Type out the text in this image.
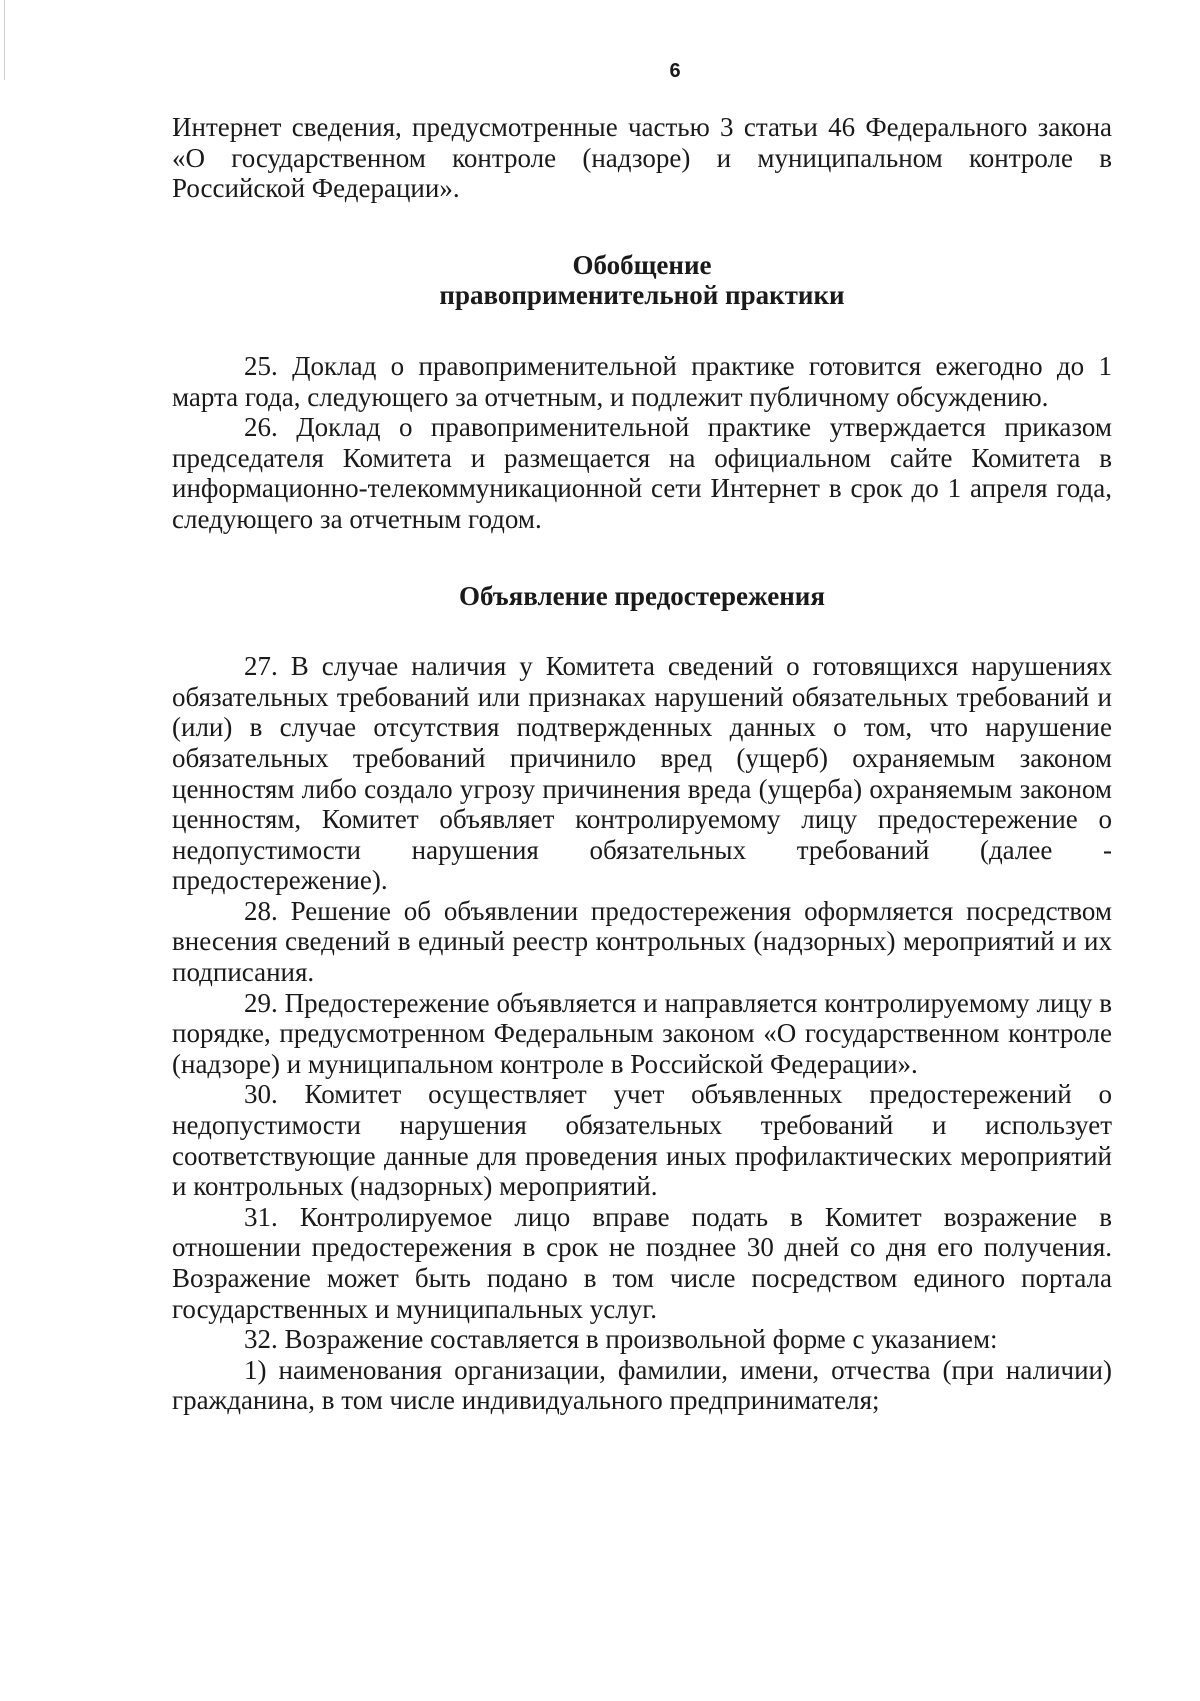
6

Интернет сведения, предусмотренные частью 3 статьи 46 Федерального закона «О государственном контроле (надзоре) и муниципальном контроле в Российской Федерации».

Обобщение

правоприменительной практики

25. Доклад о правоприменительной практике готовится ежегодно до 1 марта года, следующего за отчетным, и подлежит публичному обсуждению.

26. Доклад о правоприменительной практике утверждается приказом председателя Комитета и размещается на официальном сайте Комитета в информационно-телекоммуникационной сети Интернет в срок до 1 апреля года, следующего за отчетным годом.

Объявление предостережения

27. В случае наличия у Комитета сведений о готовящихся нарушениях обязательных требований или признаках нарушений обязательных требований и (или) в случае отсутствия подтвержденных данных о том, что нарушение обязательных требований причинило вред (ущерб) охраняемым законом ценностям либо создало угрозу причинения вреда (ущерба) охраняемым законом ценностям, Комитет объявляет контролируемому лицу предостережение о недопустимости нарушения обязательных требований (далее - предостережение).

28. Решение об объявлении предостережения оформляется посредством внесения сведений в единый реестр контрольных (надзорных) мероприятий и их подписания.

29. Предостережение объявляется и направляется контролируемому лицу в порядке, предусмотренном Федеральным законом «О государственном контроле (надзоре) и муниципальном контроле в Российской Федерации».

30. Комитет осуществляет учет объявленных предостережений о недопустимости нарушения обязательных требований и использует соответствующие данные для проведения иных профилактических мероприятий и контрольных (надзорных) мероприятий.

31. Контролируемое лицо вправе подать в Комитет возражение в отношении предостережения в срок не позднее 30 дней со дня его получения. Возражение может быть подано в том числе посредством единого портала государственных и муниципальных услуг.

32. Возражение составляется в произвольной форме с указанием:

1) наименования организации, фамилии, имени, отчества (при наличии) гражданина, в том числе индивидуального предпринимателя;
